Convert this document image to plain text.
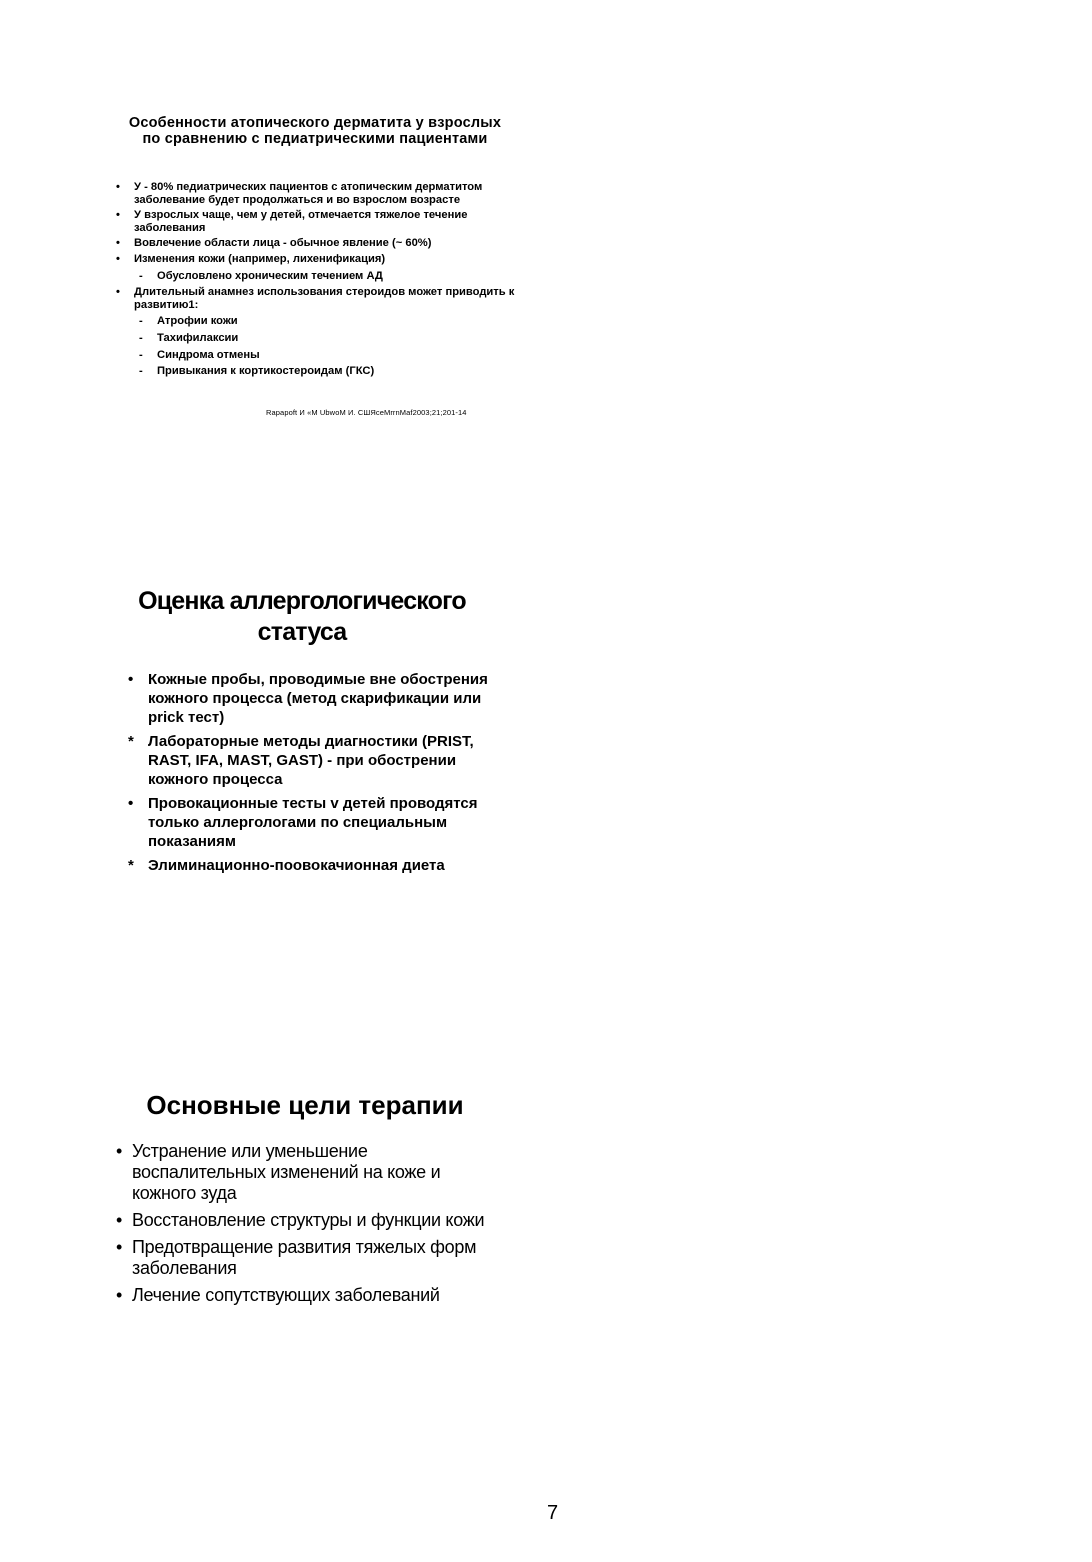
Особенности атопического дерматита у взрослых
по сравнению с педиатрическими пациентами
• У - 80% педиатрических пациентов с атопическим дерматитом заболевание будет продолжаться и во взрослом возрасте
• У взрослых чаще, чем у детей, отмечается тяжелое течение заболевания
• Вовлечение области лица - обычное явление (~ 60%)
• Изменения кожи (например, лихенификация)
- Обусловлено хроническим течением АД
• Длительный анамнез использования стероидов может приводить к развитию1:
- Атрофии кожи
- Тахифилаксии
- Синдрома отмены
- Привыкания к кортикостероидам (ГКС)
Rapapoft И «M UbwoM И. СШЯсеМrrnMaf2003;21;201-14
Оценка аллергологического
статуса
• Кожные пробы, проводимые вне обострения кожного процесса (метод скарификации или prick тест)
* Лабораторные методы диагностики (PRIST, RAST, IFA, MAST, GAST) - при обострении кожного процесса
• Провокационные тесты v детей проводятся только аллергологами по специальным показаниям
* Элиминационно-поовокачионная диета
Основные цели терапии
• Устранение или уменьшение воспалительных изменений на коже и кожного зуда
• Восстановление структуры и функции кожи
• Предотвращение развития тяжелых форм заболевания
• Лечение сопутствующих заболеваний
7
